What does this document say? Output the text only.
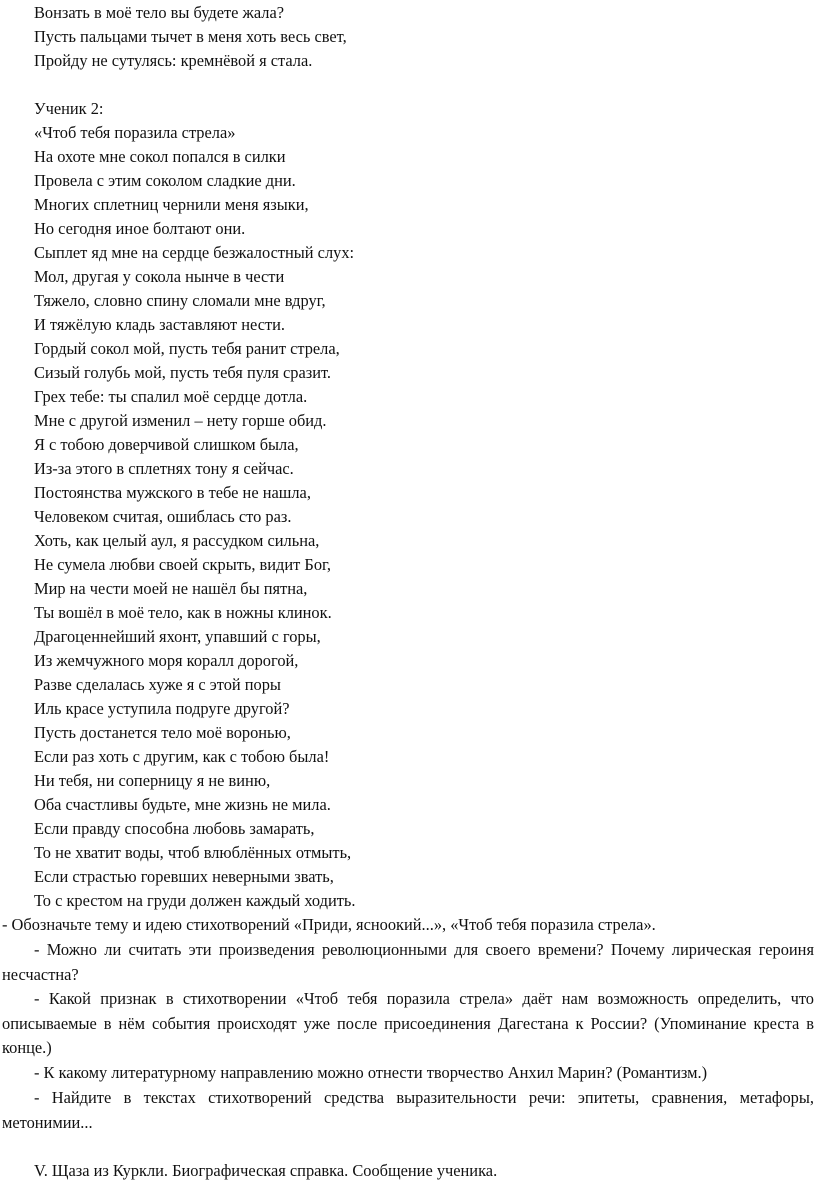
Вонзать в моё тело вы будете жала?
Пусть пальцами тычет в меня хоть весь свет,
Пройду не сутулясь: кремнёвой я стала.
Ученик 2:
«Чтоб тебя поразила стрела»
На охоте мне сокол попался в силки
Провела с этим соколом сладкие дни.
Многих сплетниц чернили меня языки,
Но сегодня иное болтают они.
Сыплет яд мне на сердце безжалостный слух:
Мол, другая у сокола нынче в чести
Тяжело, словно спину сломали мне вдруг,
И тяжёлую кладь заставляют нести.
Гордый сокол мой, пусть тебя ранит стрела,
Сизый голубь мой, пусть тебя пуля сразит.
Грех тебе: ты спалил моё сердце дотла.
Мне с другой изменил – нету горше обид.
Я с тобою доверчивой слишком была,
Из-за этого в сплетнях тону я сейчас.
Постоянства мужского в тебе не нашла,
Человеком считая, ошиблась сто раз.
Хоть, как целый аул, я рассудком сильна,
Не сумела любви своей скрыть, видит Бог,
Мир на чести моей не нашёл бы пятна,
Ты вошёл в моё тело, как в ножны клинок.
Драгоценнейший яхонт, упавший с горы,
Из жемчужного моря коралл дорогой,
Разве сделалась хуже я с этой поры
Иль красе уступила подруге другой?
Пусть достанется тело моё воронью,
Если раз хоть с другим, как с тобою была!
Ни тебя, ни соперницу я не виню,
Оба счастливы будьте, мне жизнь не мила.
Если правду способна любовь замарать,
То не хватит воды, чтоб влюблённых отмыть,
Если страстью горевших неверными звать,
То с крестом на груди должен каждый ходить.
- Обозначьте тему и идею стихотворений «Приди, ясноокий...», «Чтоб тебя поразила стрела».
- Можно ли считать эти произведения революционными для своего времени? Почему лирическая героиня несчастна?
- Какой признак в стихотворении «Чтоб тебя поразила стрела» даёт нам возможность определить, что описываемые в нём события происходят уже после присоединения Дагестана к России? (Упоминание креста в конце.)
- К какому литературному направлению можно отнести творчество Анхил Марин? (Романтизм.)
- Найдите в текстах стихотворений средства выразительности речи: эпитеты, сравнения, метафоры, метонимии...
V. Щаза из Куркли. Биографическая справка. Сообщение ученика.
